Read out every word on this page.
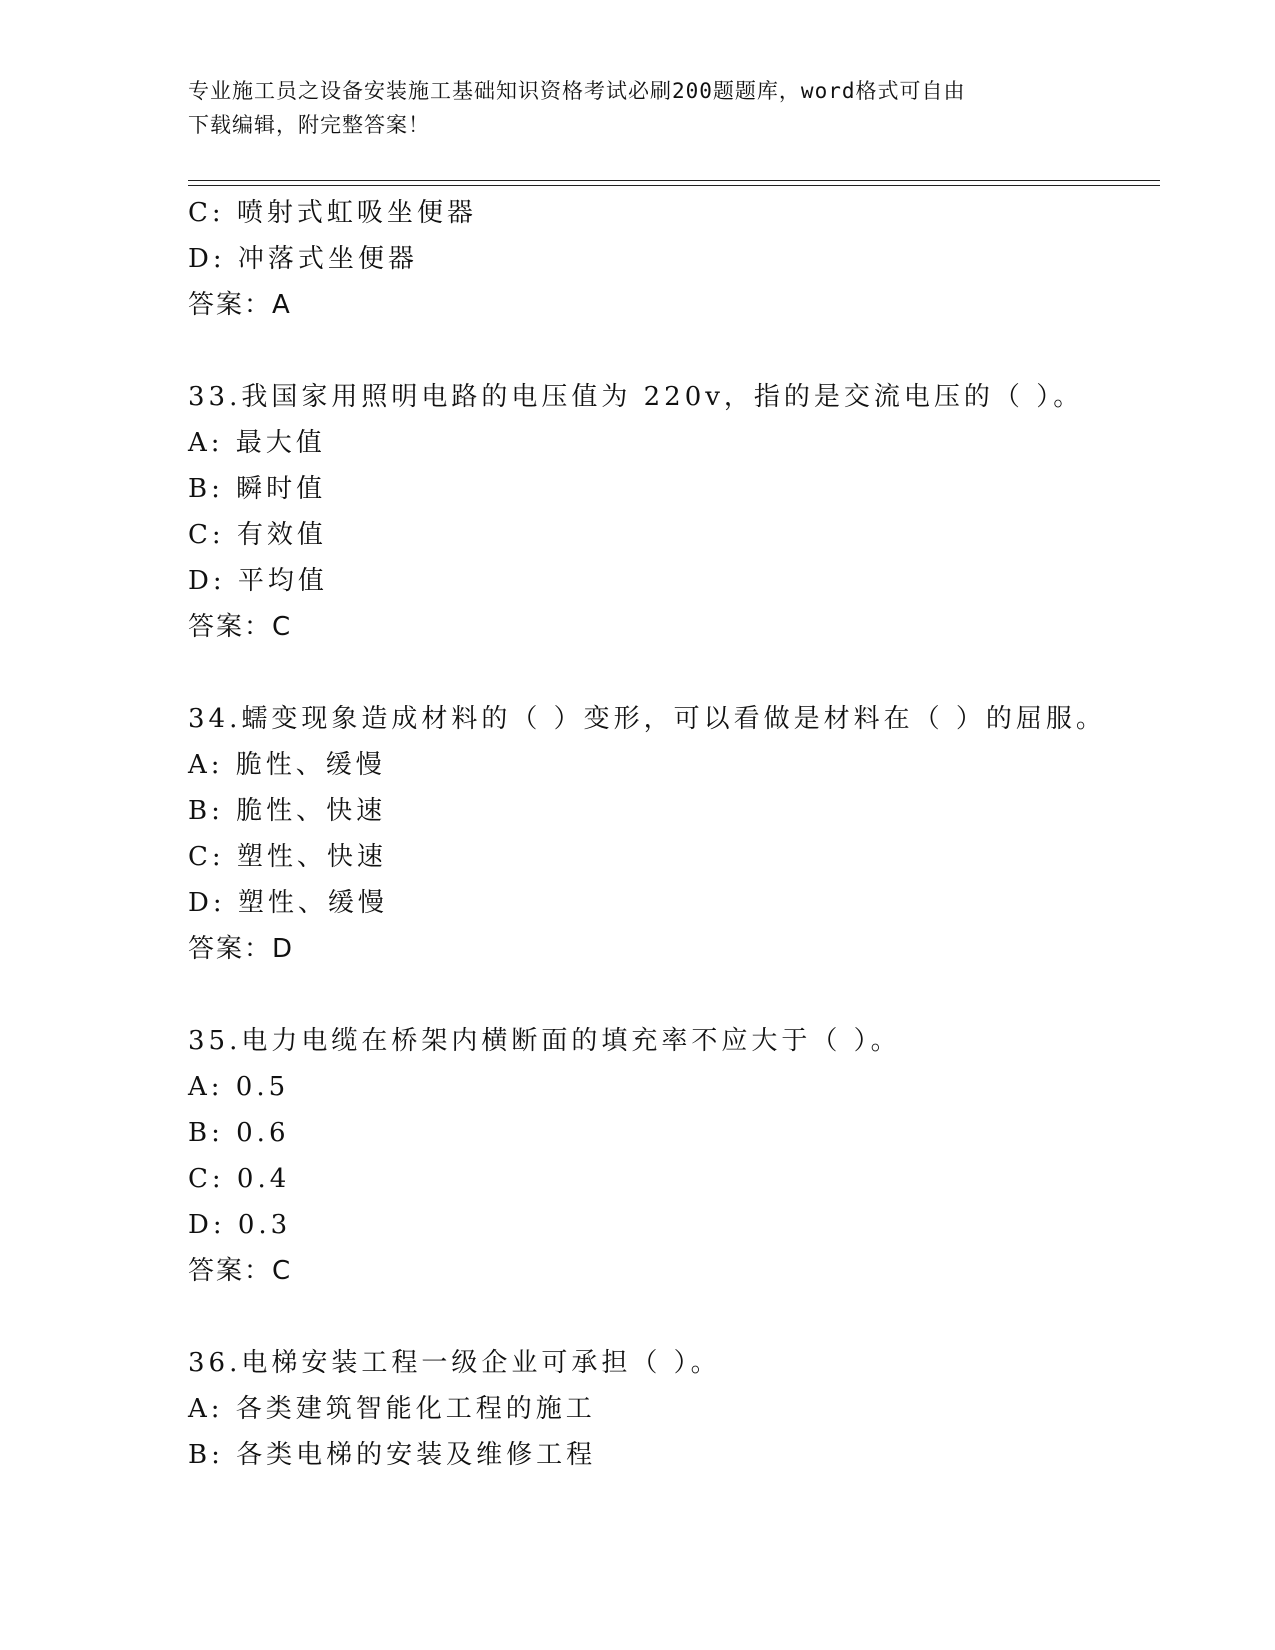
专业施工员之设备安装施工基础知识资格考试必刷200题题库，word格式可自由
下载编辑，附完整答案！
C: 喷射式虹吸坐便器
D: 冲落式坐便器
答案：A
33.我国家用照明电路的电压值为 220v，指的是交流电压的（ ）。
A: 最大值
B: 瞬时值
C: 有效值
D: 平均值
答案：C
34.蠕变现象造成材料的（ ）变形，可以看做是材料在（ ）的屈服。
A: 脆性、缓慢
B: 脆性、快速
C: 塑性、快速
D: 塑性、缓慢
答案：D
35.电力电缆在桥架内横断面的填充率不应大于（ ）。
A: 0.5
B: 0.6
C: 0.4
D: 0.3
答案：C
36.电梯安装工程一级企业可承担（ ）。
A: 各类建筑智能化工程的施工
B: 各类电梯的安装及维修工程
